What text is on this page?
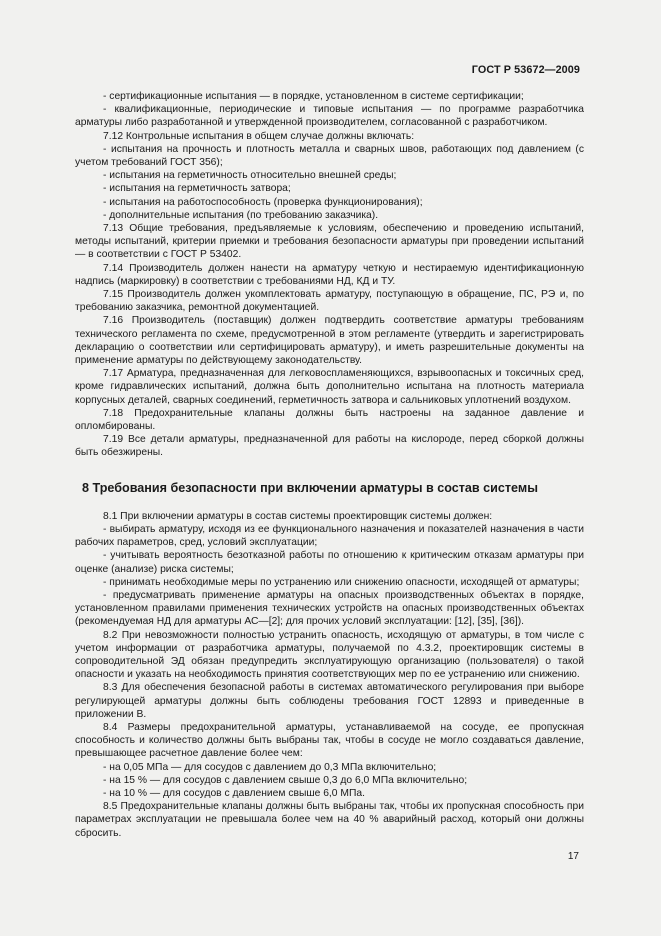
ГОСТ Р 53672—2009

- сертификационные испытания — в порядке, установленном в системе сертификации;

- квалификационные, периодические и типовые испытания — по программе разработчика арматуры либо разработанной и утвержденной производителем, согласованной с разработчиком.

7.12 Контрольные испытания в общем случае должны включать:

- испытания на прочность и плотность металла и сварных швов, работающих под давлением (с учетом требований ГОСТ 356);

- испытания на герметичность относительно внешней среды;

- испытания на герметичность затвора;

- испытания на работоспособность (проверка функционирования);

- дополнительные испытания (по требованию заказчика).

7.13 Общие требования, предъявляемые к условиям, обеспечению и проведению испытаний, методы испытаний, критерии приемки и требования безопасности арматуры при проведении испытаний — в соответствии с ГОСТ Р 53402.

7.14 Производитель должен нанести на арматуру четкую и нестираемую идентификационную надпись (маркировку) в соответствии с требованиями НД, КД и ТУ.

7.15 Производитель должен укомплектовать арматуру, поступающую в обращение, ПС, РЭ и, по требованию заказчика, ремонтной документацией.

7.16 Производитель (поставщик) должен подтвердить соответствие арматуры требованиям технического регламента по схеме, предусмотренной в этом регламенте (утвердить и зарегистрировать декларацию о соответствии или сертифицировать арматуру), и иметь разрешительные документы на применение арматуры по действующему законодательству.

7.17 Арматура, предназначенная для легковоспламеняющихся, взрывоопасных и токсичных сред, кроме гидравлических испытаний, должна быть дополнительно испытана на плотность материала корпусных деталей, сварных соединений, герметичность затвора и сальниковых уплотнений воздухом.

7.18 Предохранительные клапаны должны быть настроены на заданное давление и опломбированы.

7.19 Все детали арматуры, предназначенной для работы на кислороде, перед сборкой должны быть обезжирены.

8 Требования безопасности при включении арматуры в состав системы

8.1 При включении арматуры в состав системы проектировщик системы должен:

- выбирать арматуру, исходя из ее функционального назначения и показателей назначения в части рабочих параметров, сред, условий эксплуатации;

- учитывать вероятность безотказной работы по отношению к критическим отказам арматуры при оценке (анализе) риска системы;

- принимать необходимые меры по устранению или снижению опасности, исходящей от арматуры;

- предусматривать применение арматуры на опасных производственных объектах в порядке, установленном правилами применения технических устройств на опасных производственных объектах (рекомендуемая НД для арматуры АС—[2]; для прочих условий эксплуатации: [12], [35], [36]).

8.2 При невозможности полностью устранить опасность, исходящую от арматуры, в том числе с учетом информации от разработчика арматуры, получаемой по 4.3.2, проектировщик системы в сопроводительной ЭД обязан предупредить эксплуатирующую организацию (пользователя) о такой опасности и указать на необходимость принятия соответствующих мер по ее устранению или снижению.

8.3 Для обеспечения безопасной работы в системах автоматического регулирования при выборе регулирующей арматуры должны быть соблюдены требования ГОСТ 12893 и приведенные в приложении В.

8.4 Размеры предохранительной арматуры, устанавливаемой на сосуде, ее пропускная способность и количество должны быть выбраны так, чтобы в сосуде не могло создаваться давление, превышающее расчетное давление более чем:

- на 0,05 МПа — для сосудов с давлением до 0,3 МПа включительно;

- на 15 % — для сосудов с давлением свыше 0,3 до 6,0 МПа включительно;

- на 10 % — для сосудов с давлением свыше 6,0 МПа.

8.5 Предохранительные клапаны должны быть выбраны так, чтобы их пропускная способность при параметрах эксплуатации не превышала более чем на 40 % аварийный расход, который они должны сбросить.

17
